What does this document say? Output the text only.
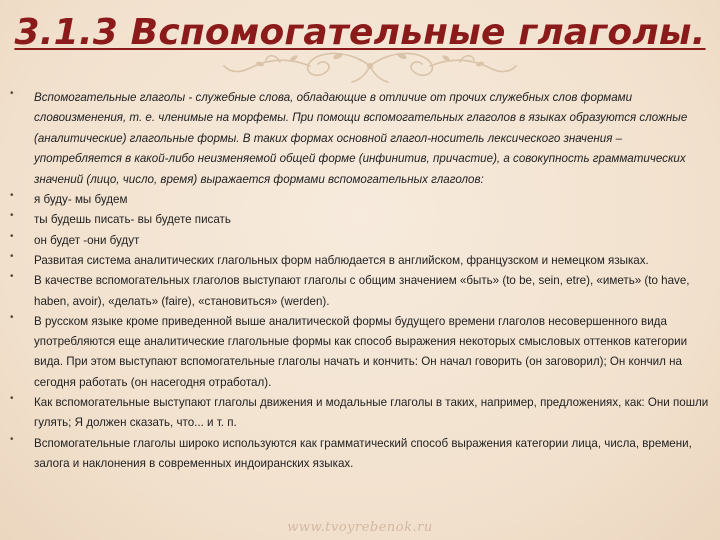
3.1.3 Вспомогательные глаголы.
• Вспомогательные глаголы - служебные слова, обладающие в отличие от прочих служебных слов формами словоизменения, т. е. членимые на морфемы. При помощи вспомогательных глаголов в языках образуются сложные (аналитические) глагольные формы. В таких формах основной глагол-носитель лексического значения – употребляется в какой-либо неизменяемой общей форме (инфинитив, причастие), а совокупность грамматических значений (лицо, число, время) выражается формами вспомогательных глаголов:
• я буду- мы будем
• ты будешь писать- вы будете писать
• он будет -они будут
• Развитая система аналитических глагольных форм наблюдается в английском, французском и немецком языках.
• В качестве вспомогательных глаголов выступают глаголы с общим значением «быть» (to be, sein, etre), «иметь» (to have, haben, avoir), «делать» (faire), «становиться» (werden).
• В русском языке кроме приведенной выше аналитической формы будущего времени глаголов несовершенного вида употребляются еще аналитические глагольные формы как способ выражения некоторых смысловых оттенков категории вида. При этом выступают вспомогательные глаголы начать и кончить: Он начал говорить (он заговорил); Он кончил на сегодня работать (он насегодня отработал).
• Как вспомогательные выступают глаголы движения и модальные глаголы в таких, например, предложениях, как: Они пошли гулять; Я должен сказать, что... и т. п.
• Вспомогательные глаголы широко используются как грамматический способ выражения категории лица, числа, времени, залога и наклонения в современных индоиранских языках.
www.tvoyrebenok.ru
